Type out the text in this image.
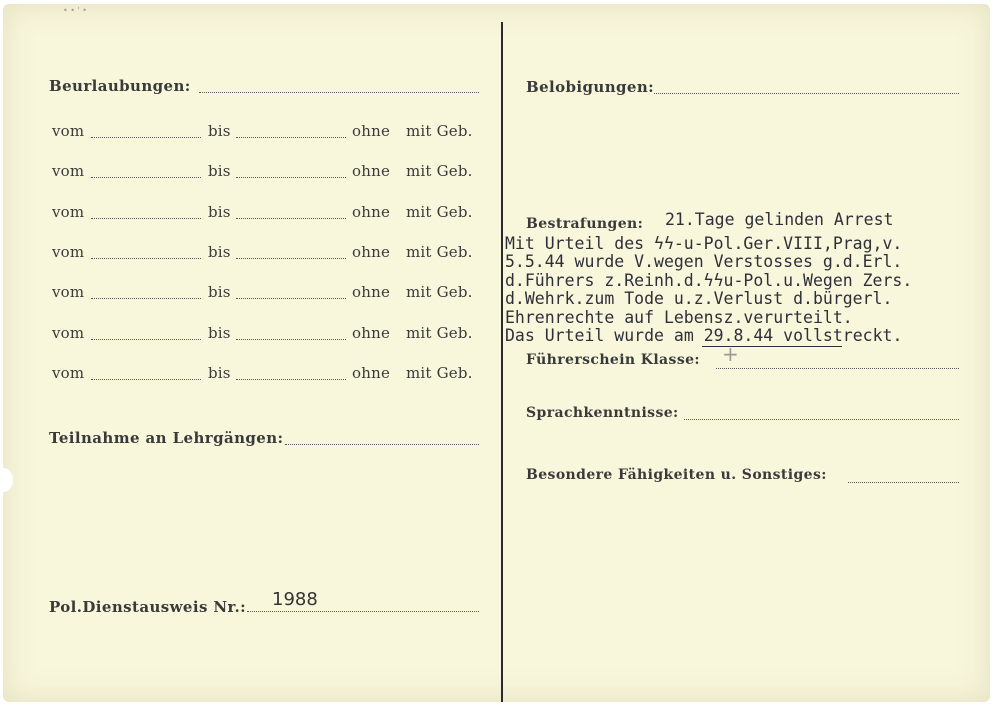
• • ' •
Beurlaubungen:
vom	bis	ohne mit Geb.
vom	bis	ohne mit Geb.
vom	bis	ohne mit Geb.
vom	bis	ohne mit Geb.
vom	bis	ohne mit Geb.
vom	bis	ohne mit Geb.
vom	bis	ohne mit Geb.
Teilnahme an Lehrgängen:
Pol.Dienstausweis Nr.: 1988
Belobigungen:
Bestrafungen: 21.Tage gelinden Arrest
Mit Urteil des ϟϟ-u-Pol.Ger.VIII,Prag,v.
5.5.44 wurde V.wegen Verstosses g.d.Erl.
d.Führers z.Reinh.d.ϟϟu-Pol.u.Wegen Zers.
d.Wehrk.zum Tode u.z.Verlust d.bürgerl.
Ehrenrechte auf Lebensz.verurteilt.
Das Urteil wurde am 29.8.44 vollstreckt.
Führerschein Klasse: +
Sprachkenntnisse:
Besondere Fähigkeiten u. Sonstiges:
